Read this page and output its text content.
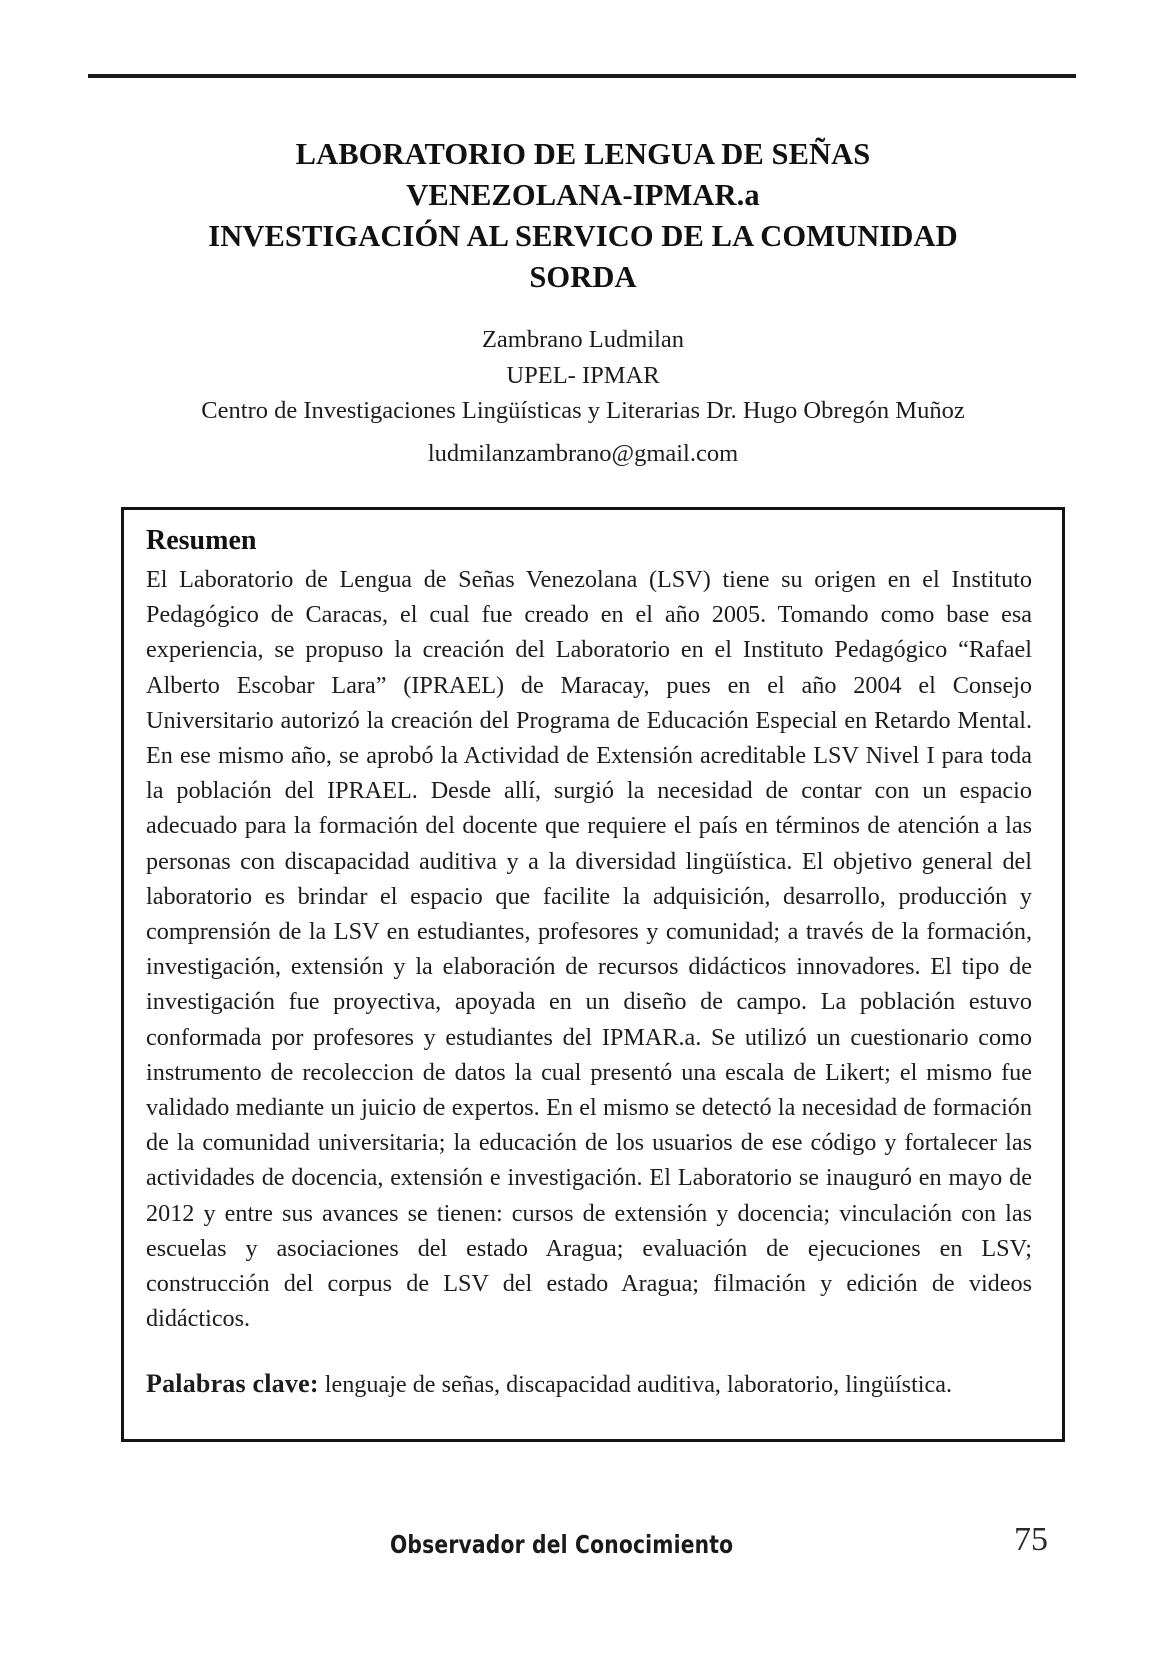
LABORATORIO DE LENGUA DE SEÑAS
VENEZOLANA-IPMAR.a
INVESTIGACIÓN AL SERVICO DE LA COMUNIDAD
SORDA
Zambrano Ludmilan
UPEL- IPMAR
Centro de Investigaciones Lingüísticas y Literarias Dr. Hugo Obregón Muñoz
ludmilanzambrano@gmail.com
Resumen
El Laboratorio de Lengua de Señas Venezolana (LSV) tiene su origen en el Instituto Pedagógico de Caracas, el cual fue creado en el año 2005. Tomando como base esa experiencia, se propuso la creación del Laboratorio en el Instituto Pedagógico “Rafael Alberto Escobar Lara” (IPRAEL) de Maracay, pues en el año 2004 el Consejo Universitario autorizó la creación del Programa de Educación Especial en Retardo Mental. En ese mismo año, se aprobó la Actividad de Extensión acreditable LSV Nivel I para toda la población del IPRAEL. Desde allí, surgió la necesidad de contar con un espacio adecuado para la formación del docente que requiere el país en términos de atención a las personas con discapacidad auditiva y a la diversidad lingüística. El objetivo general del laboratorio es brindar el espacio que facilite la adquisición, desarrollo, producción y comprensión de la LSV en estudiantes, profesores y comunidad; a través de la formación, investigación, extensión y la elaboración de recursos didácticos innovadores. El tipo de investigación fue proyectiva, apoyada en un diseño de campo. La población estuvo conformada por profesores y estudiantes del IPMAR.a. Se utilizó un cuestionario como instrumento de recoleccion de datos la cual presentó una escala de Likert; el mismo fue validado mediante un juicio de expertos. En el mismo se detectó la necesidad de formación de la comunidad universitaria; la educación de los usuarios de ese código y fortalecer las actividades de docencia, extensión e investigación. El Laboratorio se inauguró en mayo de 2012 y entre sus avances se tienen: cursos de extensión y docencia; vinculación con las escuelas y asociaciones del estado Aragua; evaluación de ejecuciones en LSV; construcción del corpus de LSV del estado Aragua; filmación y edición de videos didácticos.
Palabras clave: lenguaje de señas, discapacidad auditiva, laboratorio, lingüística.
Observador del Conocimiento	75
